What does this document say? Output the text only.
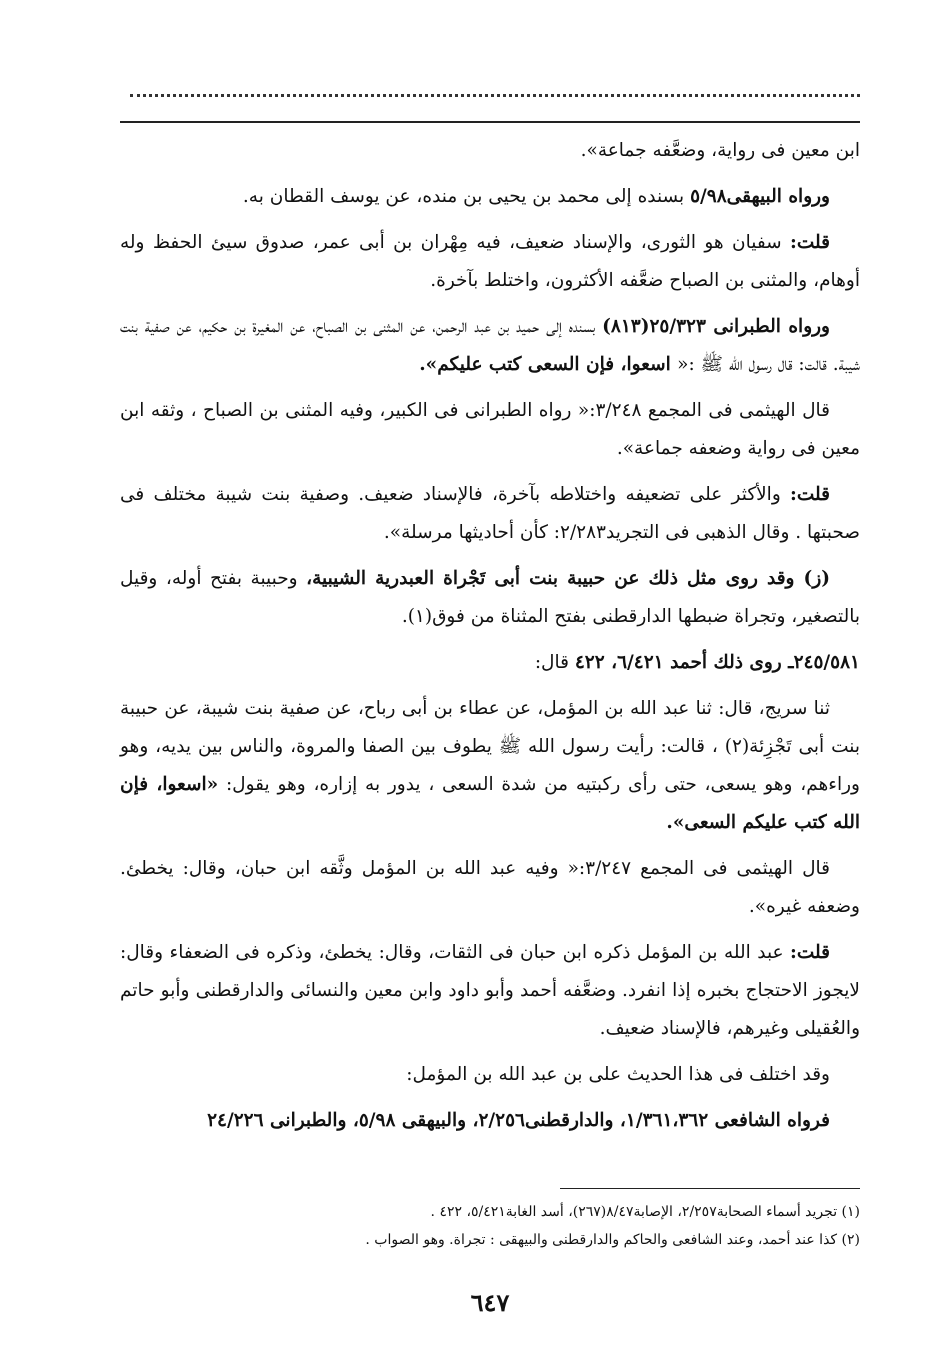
ابن معين فى رواية، وضعَّفه جماعة».

ورواه البيهقى٥/٩٨ بسنده إلى محمد بن يحيى بن منده، عن يوسف القطان به.

قلت: سفيان هو الثورى، والإسناد ضعيف، فيه مِهْران بن أبى عمر، صدوق سيئ الحفظ وله أوهام، والمثنى بن الصباح ضعَّفه الأكثرون، واختلط بآخرة.

ورواه الطبرانى ٢٥/٣٢٣(٨١٣) بسنده إلى حميد بن عبد الرحمن، عن المثنى بن الصباح، عن المغيرة بن حكيم، عن صفية بنت شيبة. قالت: قال رسول الله ﷺ :« اسعوا، فإن السعى كتب عليكم».

قال الهيثمى فى المجمع ٣/٢٤٨:« رواه الطبرانى فى الكبير، وفيه المثنى بن الصباح ، وثقه ابن معين فى رواية وضعفه جماعة».

قلت: والأكثر على تضعيفه واختلاطه بآخرة، فالإسناد ضعيف. وصفية بنت شيبة مختلف فى صحبتها . وقال الذهبى فى التجريد٢/٢٨٣: كأن أحاديثها مرسلة».

(ز) وقد روى مثل ذلك عن حبيبة بنت أبى تَجْراة العبدرية الشيبية، وحبيبة بفتح أوله، وقيل بالتصغير، وتجراة ضبطها الدارقطنى بفتح المثناة من فوق(١).

٢٤٥/٥٨١ـ روى ذلك أحمد ٦/٤٢١، ٤٢٢ قال:

ثنا سريج، قال: ثنا عبد الله بن المؤمل، عن عطاء بن أبى رباح، عن صفية بنت شيبة، عن حبيبة بنت أبى تَجْزِئة(٢) ، قالت: رأيت رسول الله ﷺ يطوف بين الصفا والمروة، والناس بين يديه، وهو وراءهم، وهو يسعى، حتى رأى ركبتيه من شدة السعى ، يدور به إزاره، وهو يقول: «اسعوا، فإن الله كتب عليكم السعى».

قال الهيثمى فى المجمع ٣/٢٤٧:« وفيه عبد الله بن المؤمل وثَّقه ابن حبان، وقال: يخطئ. وضعفه غيره».

قلت: عبد الله بن المؤمل ذكره ابن حبان فى الثقات، وقال: يخطئ، وذكره فى الضعفاء وقال: لايجوز الاحتجاج بخبره إذا انفرد. وضعَّفه أحمد وأبو داود وابن معين والنسائى والدارقطنى وأبو حاتم والعُقيلى وغيرهم، فالإسناد ضعيف.

وقد اختلف فى هذا الحديث على بن عبد الله بن المؤمل:

فرواه الشافعى ١/٣٦١،٣٦٢، والدارقطنى٢/٢٥٦، والبيهقى ٥/٩٨، والطبرانى ٢٤/٢٢٦

(١) تجريد أسماء الصحابة٢/٢٥٧، الإصابة٨/٤٧(٢٦٧)، أسد الغابة٥/٤٢١، ٤٢٢ .

(٢) كذا عند أحمد، وعند الشافعى والحاكم والدارقطنى والبيهقى : تجراة. وهو الصواب .

٦٤٧
